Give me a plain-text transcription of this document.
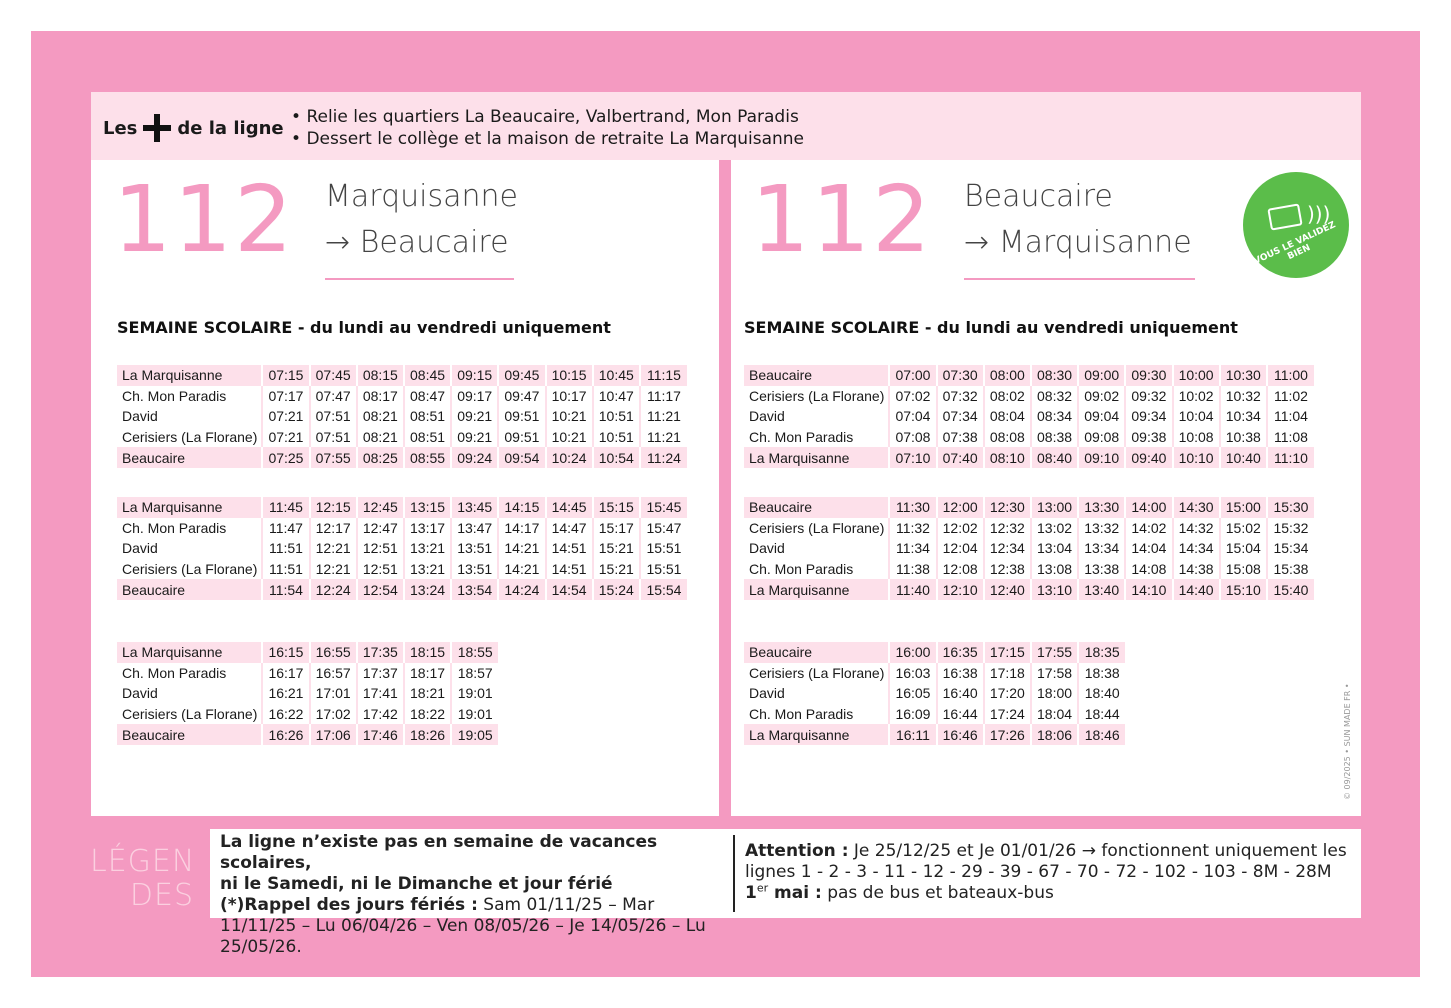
Les de la ligne
• Relie les quartiers La Beaucaire, Valbertrand, Mon Paradis
• Dessert le collège et la maison de retraite La Marquisanne
112 Marquisanne
→ Beaucaire
SEMAINE SCOLAIRE - du lundi au vendredi uniquement
112 Beaucaire
→ Marquisanne
SEMAINE SCOLAIRE - du lundi au vendredi uniquement
)))
VOUS LE VALIDEZ BIEN
La Marquisanne	07:15	07:45	08:15	08:45	09:15	09:45	10:15	10:45	11:15
Ch. Mon Paradis	07:17	07:47	08:17	08:47	09:17	09:47	10:17	10:47	11:17
David	07:21	07:51	08:21	08:51	09:21	09:51	10:21	10:51	11:21
Cerisiers (La Florane)	07:21	07:51	08:21	08:51	09:21	09:51	10:21	10:51	11:21
Beaucaire	07:25	07:55	08:25	08:55	09:24	09:54	10:24	10:54	11:24
La Marquisanne	11:45	12:15	12:45	13:15	13:45	14:15	14:45	15:15	15:45
Ch. Mon Paradis	11:47	12:17	12:47	13:17	13:47	14:17	14:47	15:17	15:47
David	11:51	12:21	12:51	13:21	13:51	14:21	14:51	15:21	15:51
Cerisiers (La Florane)	11:51	12:21	12:51	13:21	13:51	14:21	14:51	15:21	15:51
Beaucaire	11:54	12:24	12:54	13:24	13:54	14:24	14:54	15:24	15:54
La Marquisanne	16:15	16:55	17:35	18:15	18:55
Ch. Mon Paradis	16:17	16:57	17:37	18:17	18:57
David	16:21	17:01	17:41	18:21	19:01
Cerisiers (La Florane)	16:22	17:02	17:42	18:22	19:01
Beaucaire	16:26	17:06	17:46	18:26	19:05
Beaucaire	07:00	07:30	08:00	08:30	09:00	09:30	10:00	10:30	11:00
Cerisiers (La Florane)	07:02	07:32	08:02	08:32	09:02	09:32	10:02	10:32	11:02
David	07:04	07:34	08:04	08:34	09:04	09:34	10:04	10:34	11:04
Ch. Mon Paradis	07:08	07:38	08:08	08:38	09:08	09:38	10:08	10:38	11:08
La Marquisanne	07:10	07:40	08:10	08:40	09:10	09:40	10:10	10:40	11:10
Beaucaire	11:30	12:00	12:30	13:00	13:30	14:00	14:30	15:00	15:30
Cerisiers (La Florane)	11:32	12:02	12:32	13:02	13:32	14:02	14:32	15:02	15:32
David	11:34	12:04	12:34	13:04	13:34	14:04	14:34	15:04	15:34
Ch. Mon Paradis	11:38	12:08	12:38	13:08	13:38	14:08	14:38	15:08	15:38
La Marquisanne	11:40	12:10	12:40	13:10	13:40	14:10	14:40	15:10	15:40
Beaucaire	16:00	16:35	17:15	17:55	18:35
Cerisiers (La Florane)	16:03	16:38	17:18	17:58	18:38
David	16:05	16:40	17:20	18:00	18:40
Ch. Mon Paradis	16:09	16:44	17:24	18:04	18:44
La Marquisanne	16:11	16:46	17:26	18:06	18:46	© 09/2025 • SUN MADE FR •
LÉGEN
DES
La ligne n’existe pas en semaine de vacances scolaires,
ni le Samedi, ni le Dimanche et jour férié
(*)Rappel des jours fériés : Sam 01/11/25 – Mar 11/11/25 – Lu 06/04/26 – Ven 08/05/26 – Je 14/05/26 – Lu 25/05/26.
Attention : Je 25/12/25 et Je 01/01/26 → fonctionnent uniquement les lignes 1 - 2 - 3 - 11 - 12 - 29 - 39 - 67 - 70 - 72 - 102 - 103 - 8M - 28M
1er mai : pas de bus et bateaux-bus
